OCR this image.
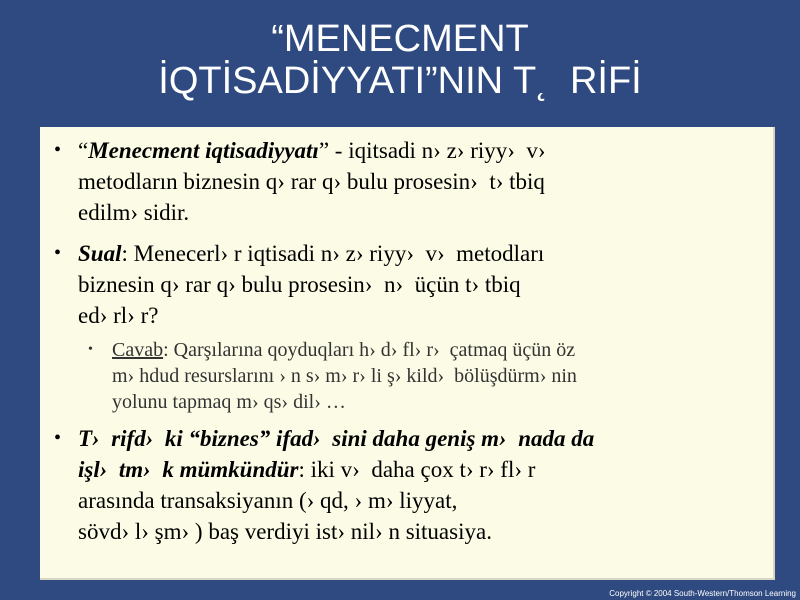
“MENECMENT
İQTİSADİYYATI”NIN T˛  RİFİ
• “Menecment iqtisadiyyatı” - iqitsadi n› z› riyy›  v›
metodların biznesin q› rar q› bulu prosesin›  t› tbiq
edilm› sidir.
• Sual: Menecerl› r iqtisadi n› z› riyy›  v›  metodları
biznesin q› rar q› bulu prosesin›  n›  üçün t› tbiq
ed› rl› r?
• Cavab: Qarşılarına qoyduqları h› d› fl› r›  çatmaq üçün öz
m› hdud resurslarını › n s› m› r› li ş› kild›  bölüşdürm› nin
yolunu tapmaq m› qs› dil› …
• T›  rifd›  ki “biznes” ifad›  sini daha geniş m›  nada da
işl›  tm›  k mümkündür: iki v›  daha çox t› r› fl› r
arasında transaksiyanın (› qd, › m› liyyat,
sövd› l› şm› ) baş verdiyi ist› nil› n situasiya.
Copyright © 2004 South-Western/Thomson Learning
